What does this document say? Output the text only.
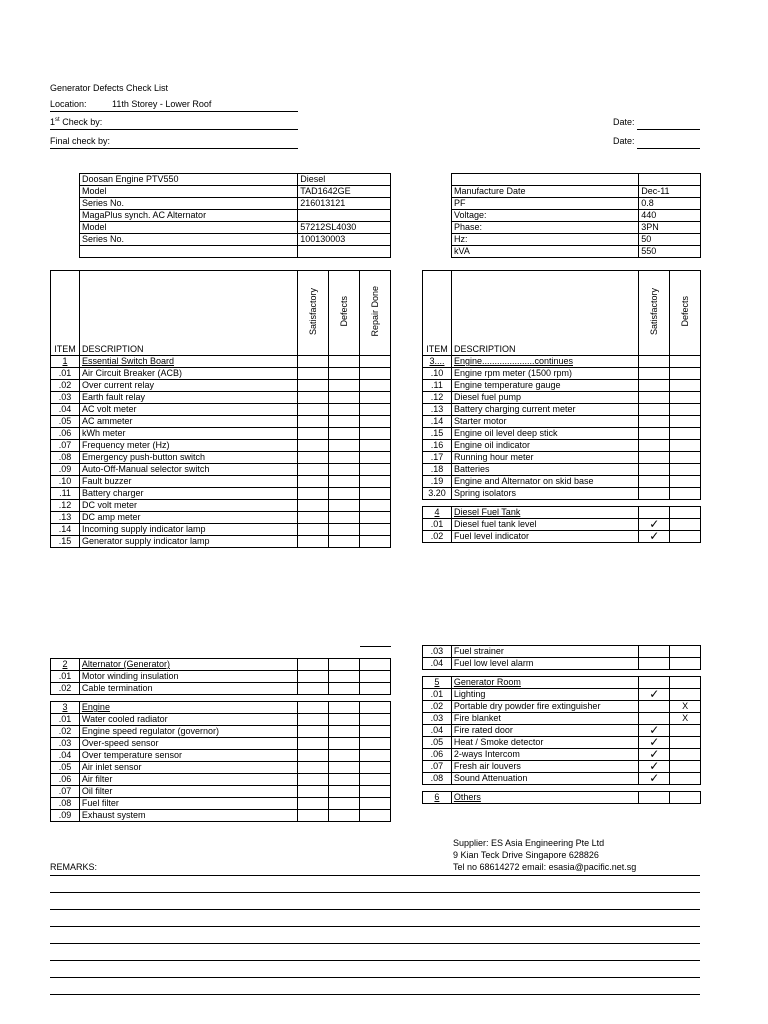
Generator Defects Check List
Location:	11th Storey - Lower Roof
1st Check by:	Date:
Final check by:	Date:
Doosan Engine PTV550	Diesel
Model	TAD1642GE
Series No.	216013121
MagaPlus synch. AC Alternator	
Model	57212SL4030
Series No.	100130003

Manufacture Date	Dec-11
PF	0.8
Voltage:	440
Phase:	3PN
Hz:	50
kVA	550
ITEM	DESCRIPTION	Satisfactory	Defects	Repair Done
1	Essential Switch Board			
.01	Air Circuit Breaker (ACB)			
.02	Over current relay			
.03	Earth fault relay			
.04	AC volt meter			
.05	AC ammeter			
.06	kWh meter			
.07	Frequency meter (Hz)			
.08	Emergency push-button switch			
.09	Auto-Off-Manual selector switch			
.10	Fault buzzer			
.11	Battery charger			
.12	DC volt meter			
.13	DC amp meter			
.14	Incoming supply indicator lamp			
.15	Generator supply indicator lamp			
ITEM	DESCRIPTION	Satisfactory	Defects
3....	Engine.....................continues		
.10	Engine rpm meter (1500 rpm)		
.11	Engine temperature gauge		
.12	Diesel fuel pump		
.13	Battery charging current meter		
.14	Starter motor		
.15	Engine oil level deep stick		
.16	Engine oil indicator		
.17	Running hour meter		
.18	Batteries		
.19	Engine and Alternator on skid base		
3.20	Spring isolators		

4	Diesel Fuel Tank		
.01	Diesel fuel tank level	✓	
.02	Fuel level indicator	✓	
2	Alternator (Generator)			
.01	Motor winding insulation			
.02	Cable termination			

3	Engine			
.01	Water cooled radiator			
.02	Engine speed regulator (governor)			
.03	Over-speed sensor			
.04	Over temperature sensor			
.05	Air inlet sensor			
.06	Air filter			
.07	Oil filter			
.08	Fuel filter			
.09	Exhaust system			
.03	Fuel strainer		
.04	Fuel low level alarm		

5	Generator Room		
.01	Lighting	✓	
.02	Portable dry powder fire extinguisher		X
.03	Fire blanket		X
.04	Fire rated door	✓	
.05	Heat / Smoke detector	✓	
.06	2-ways Intercom	✓	
.07	Fresh air louvers	✓	
.08	Sound Attenuation	✓	

6	Others		
Supplier: ES Asia Engineering Pte Ltd
9 Kian Teck Drive Singapore 628826
Tel no 68614272 email: esasia@pacific.net.sg
REMARKS:
